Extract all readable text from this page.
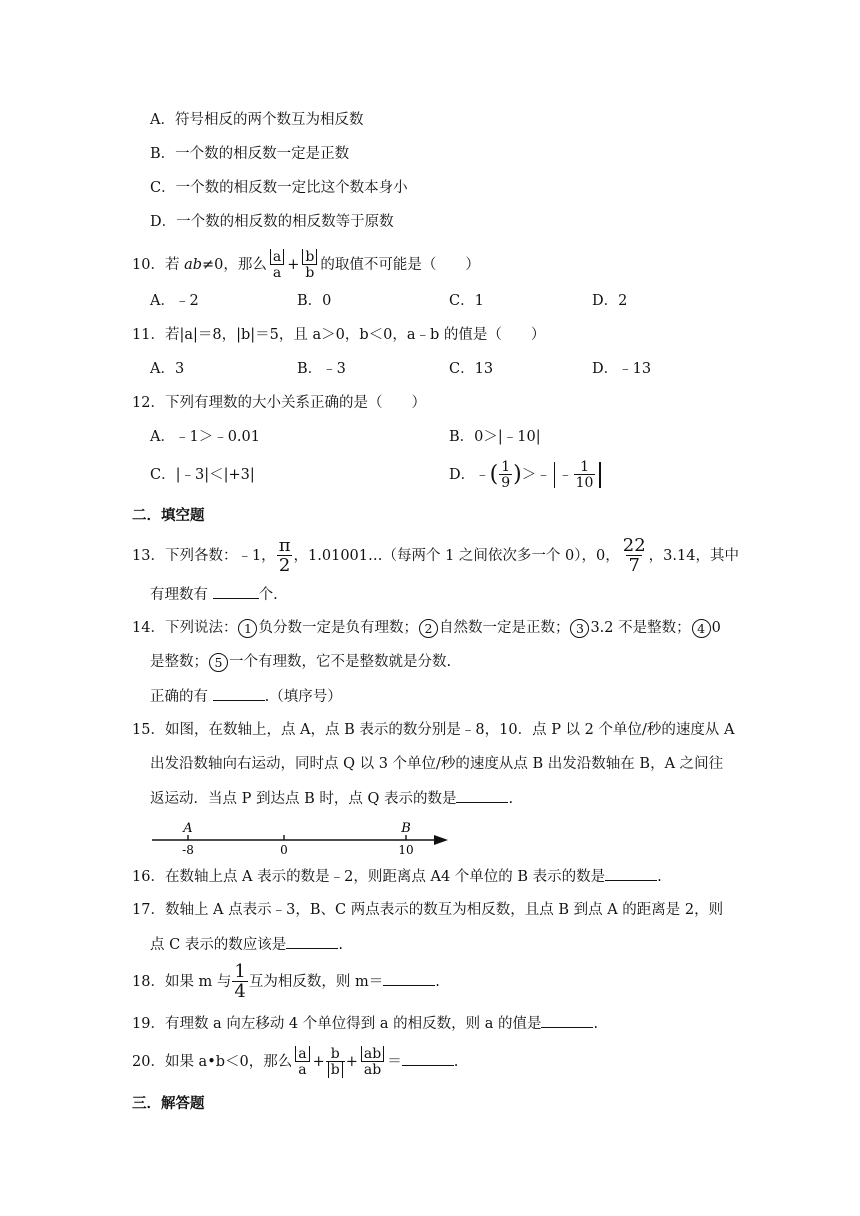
A．符号相反的两个数互为相反数
B．一个数的相反数一定是正数
C．一个数的相反数一定比这个数本身小
D．一个数的相反数的相反数等于原数
10．若 ab≠0，那么 $\frac{a}{a} + \frac{b}{b}$ 的取值不可能是（　　）
A．﹣2	B．0	C．1	D．2
11．若|a|＝8，|b|＝5，且 a＞0，b＜0，a﹣b 的值是（　　）
A．3	B．﹣3	C．13	D．﹣13
12．下列有理数的大小关系正确的是（　　）
A．﹣1＞﹣0.01	B．0＞|﹣10|
C．|﹣3|＜|+3|	D．﹣( $\frac{1}{9}$ )＞﹣ ﹣ $\frac{1}{10}$
二．填空题
13．下列各数：﹣1， $\frac{\pi}{2}$ ，1.01001…（每两个 1 之间依次多一个 0），0， $\frac{22}{7}$ ，3.14，其中
有理数有	个.
14．下列说法： 1 负分数一定是负有理数； 2 自然数一定是正数； 3 3.2 不是整数； 4 0
是整数； 5 一个有理数，它不是整数就是分数.
正确的有	.（填序号）
15．如图，在数轴上，点 A，点 B 表示的数分别是﹣8，10．点 P 以 2 个单位/秒的速度从 A
出发沿数轴向右运动，同时点 Q 以 3 个单位/秒的速度从点 B 出发沿数轴在 B，A 之间往
返运动．当点 P 到达点 B 时，点 Q 表示的数是	.
A
-8	0
B
10
16．在数轴上点 A 表示的数是﹣2，则距离点 A4 个单位的 B 表示的数是	.
17．数轴上 A 点表示﹣3，B、C 两点表示的数互为相反数，且点 B 到点 A 的距离是 2，则
点 C 表示的数应该是	.
18．如果 m 与 $\frac{1}{4}$ 互为相反数，则 m＝	.
19．有理数 a 向左移动 4 个单位得到 a 的相反数，则 a 的值是	.
20．如果 a•b＜0，那么 $\frac{a}{a} + \frac{b}{b} + \frac{ab}{ab}$ ＝	.
三．解答题
